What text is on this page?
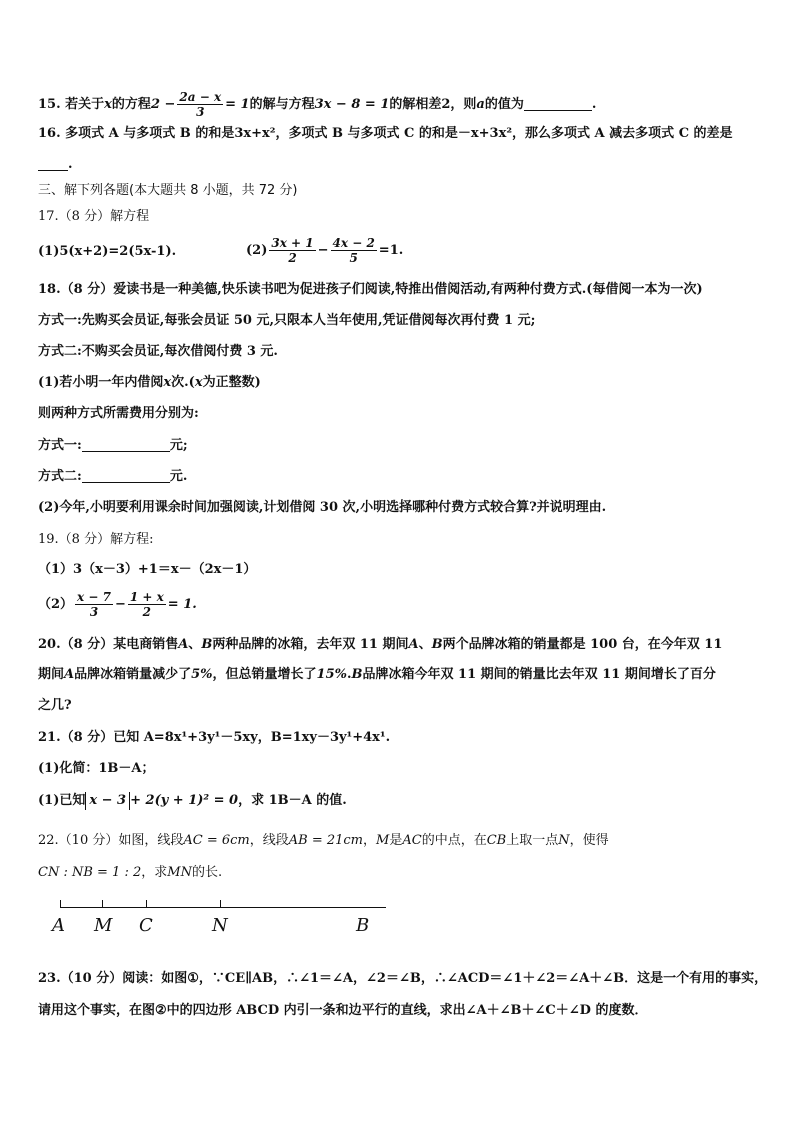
15. 若关于x的方程$2 - \frac{2a - x}{3} = 1$的解与方程3x − 8 = 1的解相差2，则a的值为	.
16. 多项式 A 与多项式 B 的和是3x+x²，多项式 B 与多项式 C 的和是－x+3x²，那么多项式 A 减去多项式 C 的差是
.
三、解下列各题(本大题共 8 小题，共 72 分)
17.（8 分）解方程
(1)5(x+2)=2(5x-1).	$(2) \frac{3x + 1}{2} - \frac{4x - 2}{5} =1$.
18.（8 分）爱读书是一种美德,快乐读书吧为促进孩子们阅读,特推出借阅活动,有两种付费方式.(每借阅一本为一次)
方式一:先购买会员证,每张会员证 50 元,只限本人当年使用,凭证借阅每次再付费 1 元;
方式二:不购买会员证,每次借阅付费 3 元.
(1)若小明一年内借阅x次.(x为正整数)
则两种方式所需费用分别为:
方式一:	元;
方式二:	元.
(2)今年,小明要利用课余时间加强阅读,计划借阅 30 次,小明选择哪种付费方式较合算?并说明理由.
19.（8 分）解方程:
（1）3（x－3）+1＝x－（2x－1）
$(2) \frac{x - 7}{3} - \frac{1 + x}{2} = 1$.
20.（8 分）某电商销售A、B两种品牌的冰箱，去年双 11 期间A、B两个品牌冰箱的销量都是 100 台，在今年双 11
期间A品牌冰箱销量减少了5%，但总销量增长了15%.B品牌冰箱今年双 11 期间的销量比去年双 11 期间增长了百分
之几?
21.（8 分）已知 A=8x¹+3y¹－5xy，B=1xy－3y¹+4x¹.
(1)化简：1B－A；
(1)已知 x − 3 + 2(y + 1)² = 0，求 1B－A 的值.
22.（10 分）如图，线段AC = 6cm，线段AB = 21cm，M是AC的中点，在CB上取一点N，使得
CN : NB = 1 : 2，求MN的长.
A M C	N	B
23.（10 分）阅读：如图①，∵CE∥AB，∴∠1＝∠A，∠2＝∠B，∴∠ACD＝∠1＋∠2＝∠A＋∠B．这是一个有用的事实，
请用这个事实，在图②中的四边形 ABCD 内引一条和边平行的直线，求出∠A＋∠B＋∠C＋∠D 的度数．
